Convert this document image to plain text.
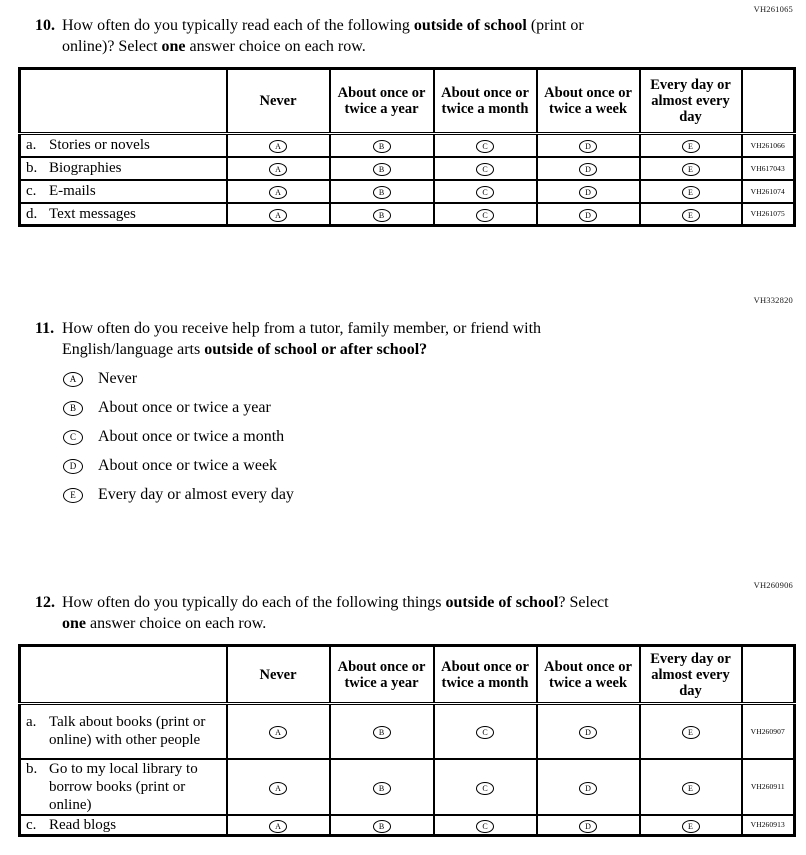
VH261065
10. How often do you typically read each of the following outside of school (print or
online)? Select one answer choice on each row.
	Never	About once or twice a year	About once or twice a month	About once or twice a week	Every day or almost every day	

a. Stories or novels	A	B	C	D	E	VH261066

b. Biographies	A	B	C	D	E	VH617043

c. E-mails	A	B	C	D	E	VH261074

d. Text messages	A	B	C	D	E	VH261075
VH332820
11. How often do you receive help from a tutor, family member, or friend with
English/language arts outside of school or after school?
A	Never
B	About once or twice a year
C	About once or twice a month
D	About once or twice a week
E	Every day or almost every day
VH260906
12. How often do you typically do each of the following things outside of school? Select
one answer choice on each row.
	Never	About once or twice a year	About once or twice a month	About once or twice a week	Every day or almost every day	

a. Talk about books (print or online) with other people	A	B	C	D	E	VH260907

b. Go to my local library to borrow books (print or online)	A	B	C	D	E	VH260911

c. Read blogs	A	B	C	D	E	VH260913
